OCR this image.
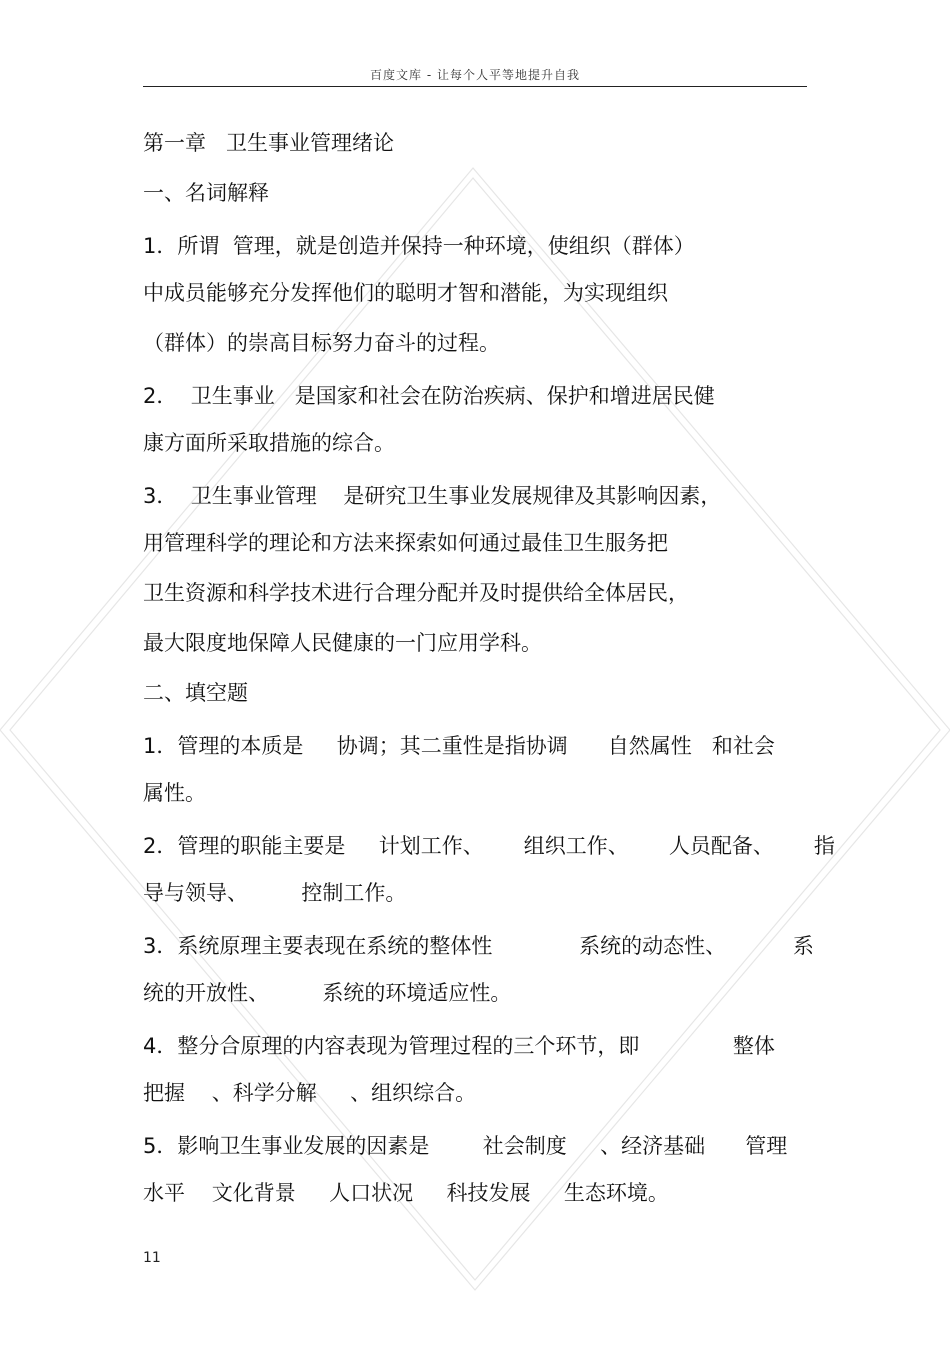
百度文库 - 让每个人平等地提升自我
第一章   卫生事业管理绪论
一、名词解释
1．所谓  管理，就是创造并保持一种环境，使组织（群体）
中成员能够充分发挥他们的聪明才智和潜能，为实现组织
（群体）的崇高目标努力奋斗的过程。
2．  卫生事业   是国家和社会在防治疾病、保护和增进居民健
康方面所采取措施的综合。
3．  卫生事业管理    是研究卫生事业发展规律及其影响因素，
用管理科学的理论和方法来探索如何通过最佳卫生服务把
卫生资源和科学技术进行合理分配并及时提供给全体居民，
最大限度地保障人民健康的一门应用学科。
二、填空题
1．管理的本质是     协调；其二重性是指协调      自然属性   和社会
属性。
2．管理的职能主要是     计划工作、      组织工作、      人员配备、      指
导与领导、        控制工作。
3．系统原理主要表现在系统的整体性             系统的动态性、          系
统的开放性、        系统的环境适应性。
4．整分合原理的内容表现为管理过程的三个环节，即              整体
把握    、科学分解     、组织综合。
5．影响卫生事业发展的因素是        社会制度     、经济基础      管理
水平    文化背景     人口状况     科技发展     生态环境。
11
